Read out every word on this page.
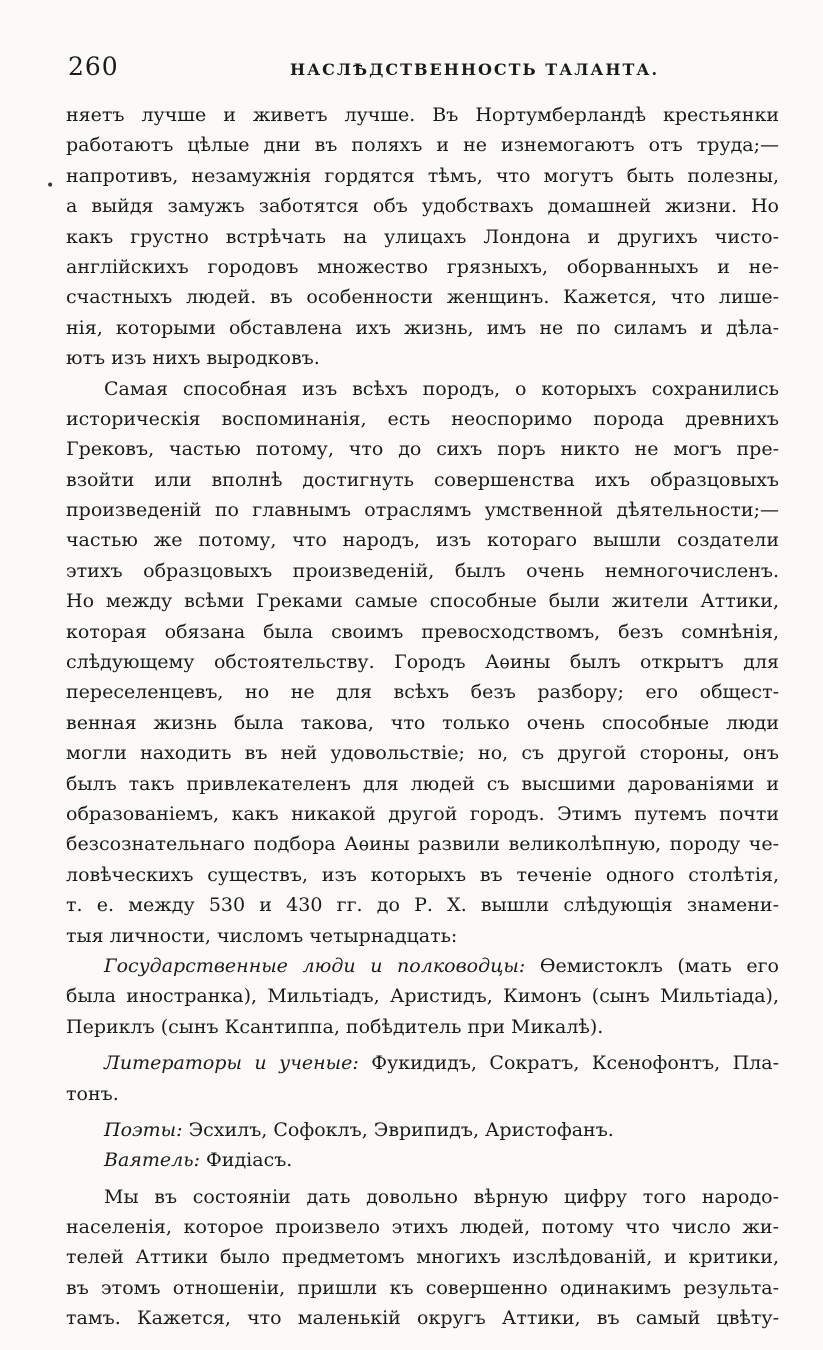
•
260	НАСЛѢДСТВЕННОСТЬ ТАЛАНТА.
няетъ лучше и живетъ лучше. Въ Нортумберландѣ крестьянки
работаютъ цѣлые дни въ поляхъ и не изнемогаютъ отъ труда;—
напротивъ, незамужнія гордятся тѣмъ, что могутъ быть полезны,
а выйдя замужъ заботятся объ удобствахъ домашней жизни. Но
какъ грустно встрѣчать на улицахъ Лондона и другихъ чисто-
англійскихъ городовъ множество грязныхъ, оборванныхъ и не-
счастныхъ людей. въ особенности женщинъ. Кажется, что лише-
нія, которыми обставлена ихъ жизнь, имъ не по силамъ и дѣла-
ютъ изъ нихъ выродковъ.
Самая способная изъ всѣхъ породъ, о которыхъ сохранились
историческія воспоминанія, есть неоспоримо порода древнихъ
Грековъ, частью потому, что до сихъ поръ никто не могъ пре-
взойти или вполнѣ достигнуть совершенства ихъ образцовыхъ
произведеній по главнымъ отраслямъ умственной дѣятельности;—
частью же потому, что народъ, изъ котораго вышли создатели
этихъ образцовыхъ произведеній, былъ очень немногочисленъ.
Но между всѣми Греками самые способные были жители Аттики,
которая обязана была своимъ превосходствомъ, безъ сомнѣнія,
слѣдующему обстоятельству. Городъ Аѳины былъ открытъ для
переселенцевъ, но не для всѣхъ безъ разбору; его общест-
венная жизнь была такова, что только очень способные люди
могли находить въ ней удовольствіе; но, съ другой стороны, онъ
былъ такъ привлекателенъ для людей съ высшими дарованіями и
образованіемъ, какъ никакой другой городъ. Этимъ путемъ почти
безсознательнаго подбора Аѳины развили великолѣпную, породу че-
ловѣческихъ существъ, изъ которыхъ въ теченіе одного столѣтія,
т. е. между 530 и 430 гг. до Р. Х. вышли слѣдующія знамени-
тыя личности, числомъ четырнадцать:
Государственные люди и полководцы: Ѳемистоклъ (мать его
была иностранка), Мильтіадъ, Аристидъ, Кимонъ (сынъ Мильтіада),
Периклъ (сынъ Ксантиппа, побѣдитель при Микалѣ).
Литераторы и ученые: Фукидидъ, Сократъ, Ксенофонтъ, Пла-
тонъ.
Поэты: Эсхилъ, Софоклъ, Эврипидъ, Аристофанъ.
Ваятель: Фидіасъ.
Мы въ состояніи дать довольно вѣрную цифру того народо-
населенія, которое произвело этихъ людей, потому что число жи-
телей Аттики было предметомъ многихъ изслѣдованій, и критики,
въ этомъ отношеніи, пришли къ совершенно одинакимъ результа-
тамъ. Кажется, что маленькій округъ Аттики, въ самый цвѣту-
